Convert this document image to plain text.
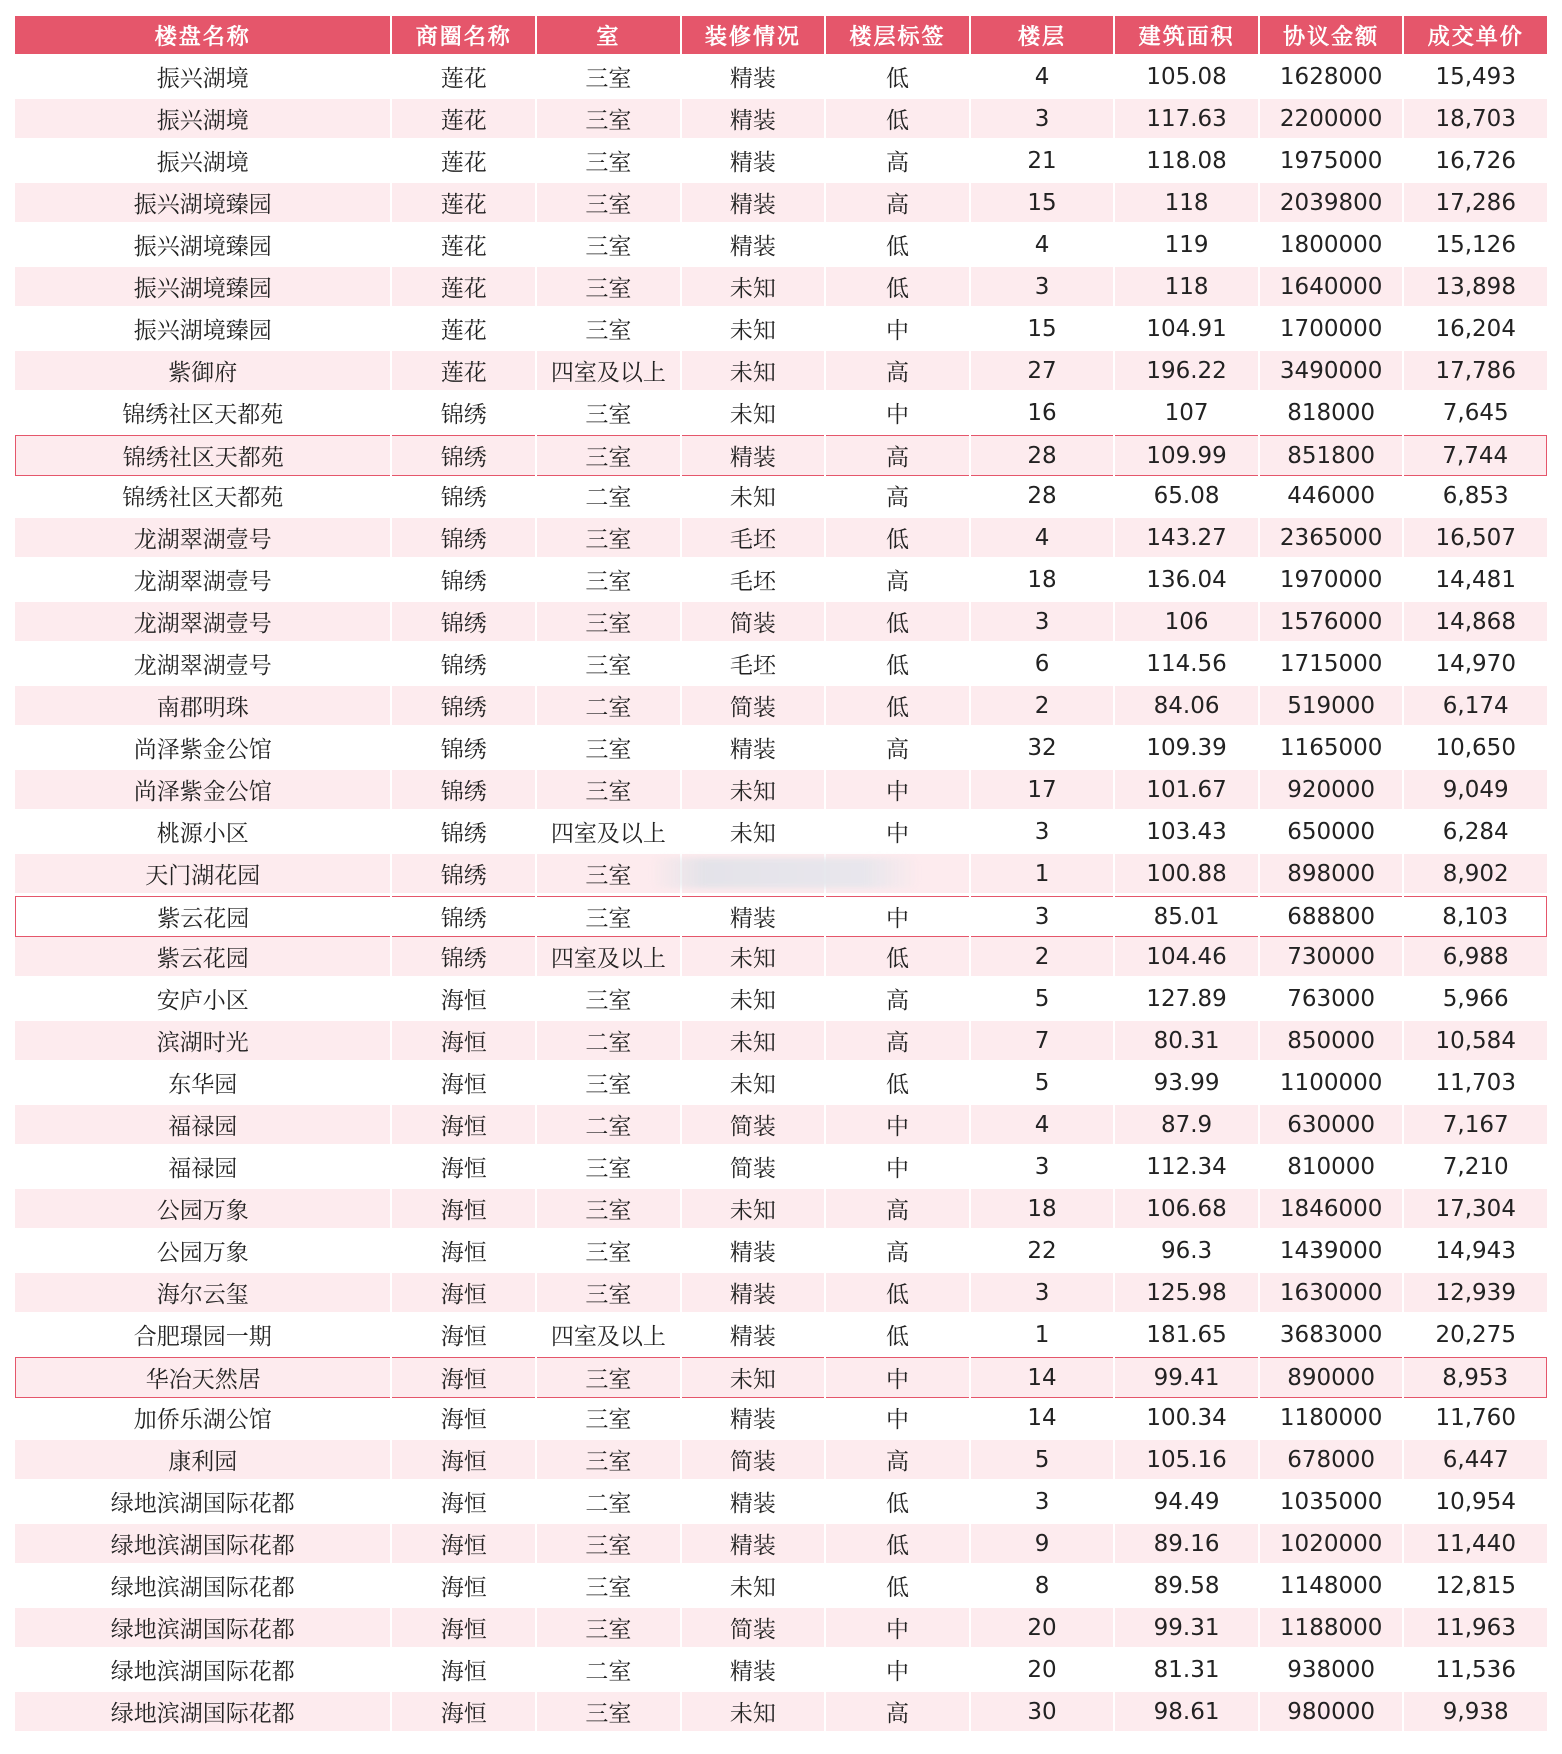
楼盘名称	商圈名称	室	装修情况	楼层标签	楼层	建筑面积	协议金额	成交单价
振兴湖境	莲花	三室	精装	低	4	105.08	1628000	15,493
振兴湖境	莲花	三室	精装	低	3	117.63	2200000	18,703
振兴湖境	莲花	三室	精装	高	21	118.08	1975000	16,726
振兴湖境臻园	莲花	三室	精装	高	15	118	2039800	17,286
振兴湖境臻园	莲花	三室	精装	低	4	119	1800000	15,126
振兴湖境臻园	莲花	三室	未知	低	3	118	1640000	13,898
振兴湖境臻园	莲花	三室	未知	中	15	104.91	1700000	16,204
紫御府	莲花	四室及以上	未知	高	27	196.22	3490000	17,786
锦绣社区天都苑	锦绣	三室	未知	中	16	107	818000	7,645
锦绣社区天都苑	锦绣	三室	精装	高	28	109.99	851800	7,744
锦绣社区天都苑	锦绣	二室	未知	高	28	65.08	446000	6,853
龙湖翠湖壹号	锦绣	三室	毛坯	低	4	143.27	2365000	16,507
龙湖翠湖壹号	锦绣	三室	毛坯	高	18	136.04	1970000	14,481
龙湖翠湖壹号	锦绣	三室	简装	低	3	106	1576000	14,868
龙湖翠湖壹号	锦绣	三室	毛坯	低	6	114.56	1715000	14,970
南郡明珠	锦绣	二室	简装	低	2	84.06	519000	6,174
尚泽紫金公馆	锦绣	三室	精装	高	32	109.39	1165000	10,650
尚泽紫金公馆	锦绣	三室	未知	中	17	101.67	920000	9,049
桃源小区	锦绣	四室及以上	未知	中	3	103.43	650000	6,284
天门湖花园	锦绣	三室			1	100.88	898000	8,902
紫云花园	锦绣	三室	精装	中	3	85.01	688800	8,103
紫云花园	锦绣	四室及以上	未知	低	2	104.46	730000	6,988
安庐小区	海恒	三室	未知	高	5	127.89	763000	5,966
滨湖时光	海恒	二室	未知	高	7	80.31	850000	10,584
东华园	海恒	三室	未知	低	5	93.99	1100000	11,703
福禄园	海恒	二室	简装	中	4	87.9	630000	7,167
福禄园	海恒	三室	简装	中	3	112.34	810000	7,210
公园万象	海恒	三室	未知	高	18	106.68	1846000	17,304
公园万象	海恒	三室	精装	高	22	96.3	1439000	14,943
海尔云玺	海恒	三室	精装	低	3	125.98	1630000	12,939
合肥璟园一期	海恒	四室及以上	精装	低	1	181.65	3683000	20,275
华冶天然居	海恒	三室	未知	中	14	99.41	890000	8,953
加侨乐湖公馆	海恒	三室	精装	中	14	100.34	1180000	11,760
康利园	海恒	三室	简装	高	5	105.16	678000	6,447
绿地滨湖国际花都	海恒	二室	精装	低	3	94.49	1035000	10,954
绿地滨湖国际花都	海恒	三室	精装	低	9	89.16	1020000	11,440
绿地滨湖国际花都	海恒	三室	未知	低	8	89.58	1148000	12,815
绿地滨湖国际花都	海恒	三室	简装	中	20	99.31	1188000	11,963
绿地滨湖国际花都	海恒	二室	精装	中	20	81.31	938000	11,536
绿地滨湖国际花都	海恒	三室	未知	高	30	98.61	980000	9,938
